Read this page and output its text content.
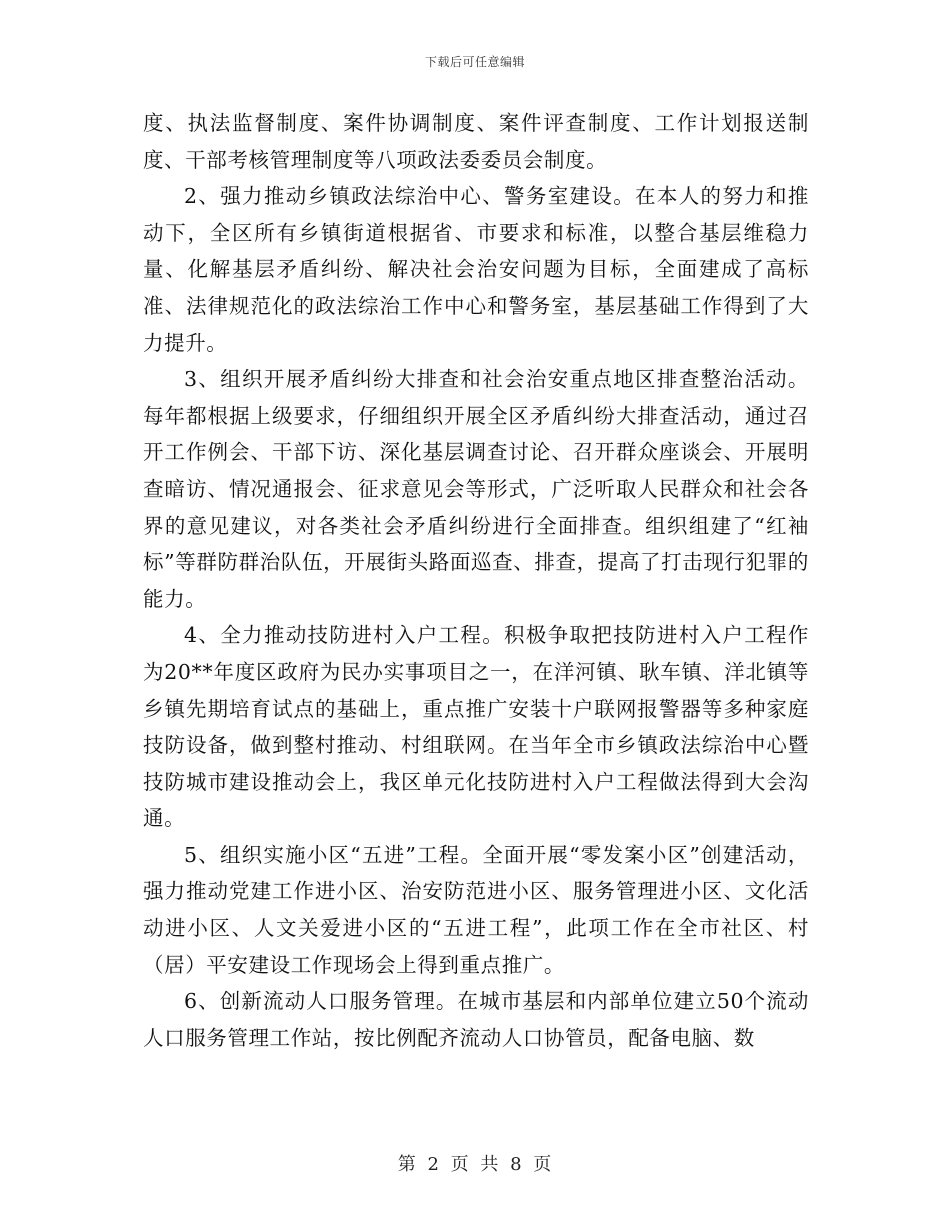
下载后可任意编辑

度、执法监督制度、案件协调制度、案件评查制度、工作计划报送制度、干部考核管理制度等八项政法委委员会制度。

2、强力推动乡镇政法综治中心、警务室建设。在本人的努力和推动下，全区所有乡镇街道根据省、市要求和标准，以整合基层维稳力量、化解基层矛盾纠纷、解决社会治安问题为目标，全面建成了高标准、法律规范化的政法综治工作中心和警务室，基层基础工作得到了大力提升。

3、组织开展矛盾纠纷大排查和社会治安重点地区排查整治活动。每年都根据上级要求，仔细组织开展全区矛盾纠纷大排查活动，通过召开工作例会、干部下访、深化基层调查讨论、召开群众座谈会、开展明查暗访、情况通报会、征求意见会等形式，广泛听取人民群众和社会各界的意见建议，对各类社会矛盾纠纷进行全面排查。组织组建了“红袖标”等群防群治队伍，开展街头路面巡查、排查，提高了打击现行犯罪的能力。

4、全力推动技防进村入户工程。积极争取把技防进村入户工程作为20**年度区政府为民办实事项目之一，在洋河镇、耿车镇、洋北镇等乡镇先期培育试点的基础上，重点推广安装十户联网报警器等多种家庭技防设备，做到整村推动、村组联网。在当年全市乡镇政法综治中心暨技防城市建设推动会上，我区单元化技防进村入户工程做法得到大会沟通。

5、组织实施小区“五进”工程。全面开展“零发案小区”创建活动，强力推动党建工作进小区、治安防范进小区、服务管理进小区、文化活动进小区、人文关爱进小区的“五进工程”，此项工作在全市社区、村（居）平安建设工作现场会上得到重点推广。

6、创新流动人口服务管理。在城市基层和内部单位建立50个流动人口服务管理工作站，按比例配齐流动人口协管员，配备电脑、数

第 2 页 共 8 页
